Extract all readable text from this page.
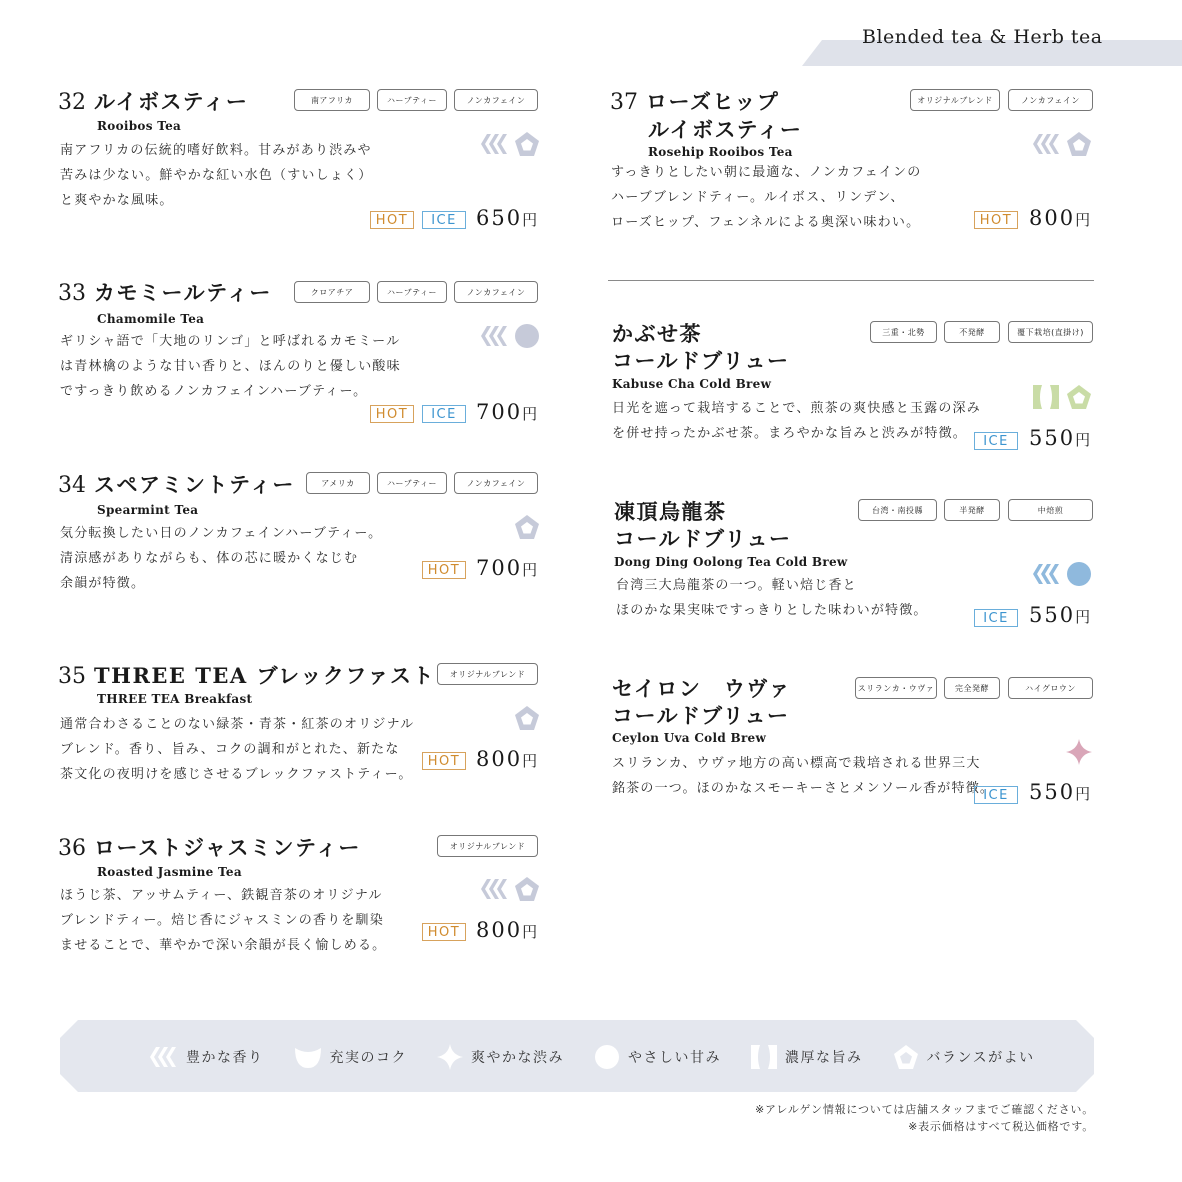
Blended tea & Herb tea
32 ルイボスティー
Rooibos Tea
南アフリカ	ハーブティー	ノンカフェイン
南アフリカの伝統的嗜好飲料。甘みがあり渋みや
苦みは少ない。鮮やかな紅い水色（すいしょく）
と爽やかな風味。
HOT	ICE 650円
33 カモミールティー
Chamomile Tea
クロアチア	ハーブティー	ノンカフェイン
ギリシャ語で「大地のリンゴ」と呼ばれるカモミール
は青林檎のような甘い香りと、ほんのりと優しい酸味
ですっきり飲めるノンカフェインハーブティー。
HOT	ICE 700円
34 スペアミントティー
Spearmint Tea
アメリカ	ハーブティー	ノンカフェイン
気分転換したい日のノンカフェインハーブティー。
清涼感がありながらも、体の芯に暖かくなじむ
余韻が特徴。
HOT 700円
35 THREE TEA ブレックファスト
THREE TEA Breakfast
オリジナルブレンド
通常合わさることのない緑茶・青茶・紅茶のオリジナル
ブレンド。香り、旨み、コクの調和がとれた、新たな
茶文化の夜明けを感じさせるブレックファストティー。
HOT 800円
36 ローストジャスミンティー
Roasted Jasmine Tea
オリジナルブレンド
ほうじ茶、アッサムティー、鉄観音茶のオリジナル
ブレンドティー。焙じ香にジャスミンの香りを馴染
ませることで、華やかで深い余韻が長く愉しめる。
HOT 800円
37 ローズヒップ
ルイボスティー
Rosehip Rooibos Tea
オリジナルブレンド	ノンカフェイン
すっきりとしたい朝に最適な、ノンカフェインの
ハーブブレンドティー。ルイボス、リンデン、
ローズヒップ、フェンネルによる奥深い味わい。	HOT 800円
かぶせ茶
コールドブリュー
Kabuse Cha Cold Brew
三重・北勢	不発酵	覆下栽培(直掛け)
日光を遮って栽培することで、煎茶の爽快感と玉露の深み
を併せ持ったかぶせ茶。まろやかな旨みと渋みが特徴。	ICE 550円
凍頂烏龍茶
コールドブリュー
Dong Ding Oolong Tea Cold Brew
台湾・南投縣	半発酵	中焙煎
台湾三大烏龍茶の一つ。軽い焙じ香と
ほのかな果実味ですっきりとした味わいが特徴。	ICE 550円
セイロン　ウヴァ
コールドブリュー
Ceylon Uva Cold Brew
スリランカ・ウヴァ	完全発酵	ハイグロウン
スリランカ、ウヴァ地方の高い標高で栽培される世界三大
銘茶の一つ。ほのかなスモーキーさとメンソール香が特徴。
ICE 550円
豊かな香り	充実のコク	爽やかな渋み	やさしい甘み	濃厚な旨み	バランスがよい
※アレルゲン情報については店舗スタッフまでご確認ください。
※表示価格はすべて税込価格です。
